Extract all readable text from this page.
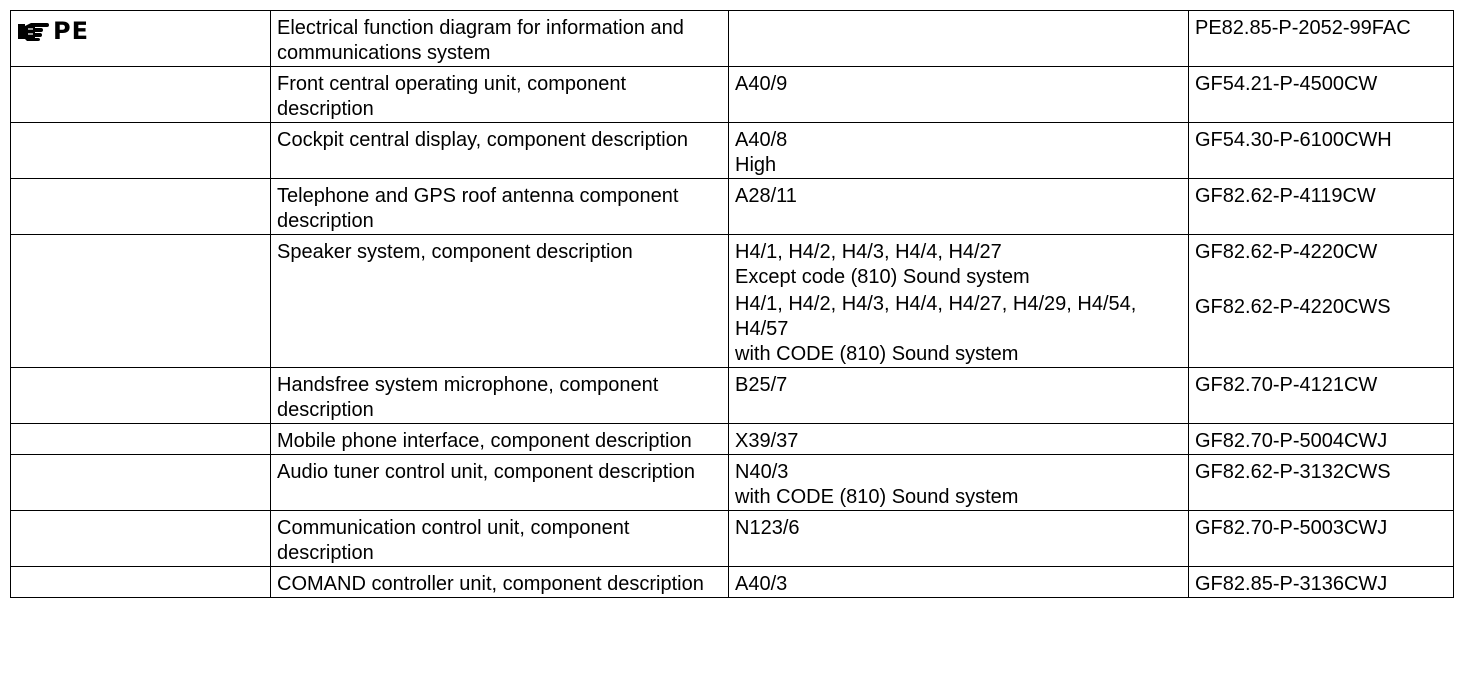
PE	Electrical function diagram for information and communications system		PE82.85-P-2052-99FAC

	Front central operating unit, component description	A40/9	GF54.21-P-4500CW

	Cockpit central display, component description	A40/8
High	GF54.30-P-6100CWH

	Telephone and GPS roof antenna component description	A28/11	GF82.62-P-4119CW

	Speaker system, component description	H4/1, H4/2, H4/3, H4/4, H4/27
Except code (810) Sound system
H4/1, H4/2, H4/3, H4/4, H4/27, H4/29, H4/54, H4/57
with CODE (810) Sound system	GF82.62-P-4220CW
GF82.62-P-4220CWS

	Handsfree system microphone, component description	B25/7	GF82.70-P-4121CW

	Mobile phone interface, component description	X39/37	GF82.70-P-5004CWJ

	Audio tuner control unit, component description	N40/3
with CODE (810) Sound system	GF82.62-P-3132CWS

	Communication control unit, component description	N123/6	GF82.70-P-5003CWJ

	COMAND controller unit, component description	A40/3	GF82.85-P-3136CWJ
